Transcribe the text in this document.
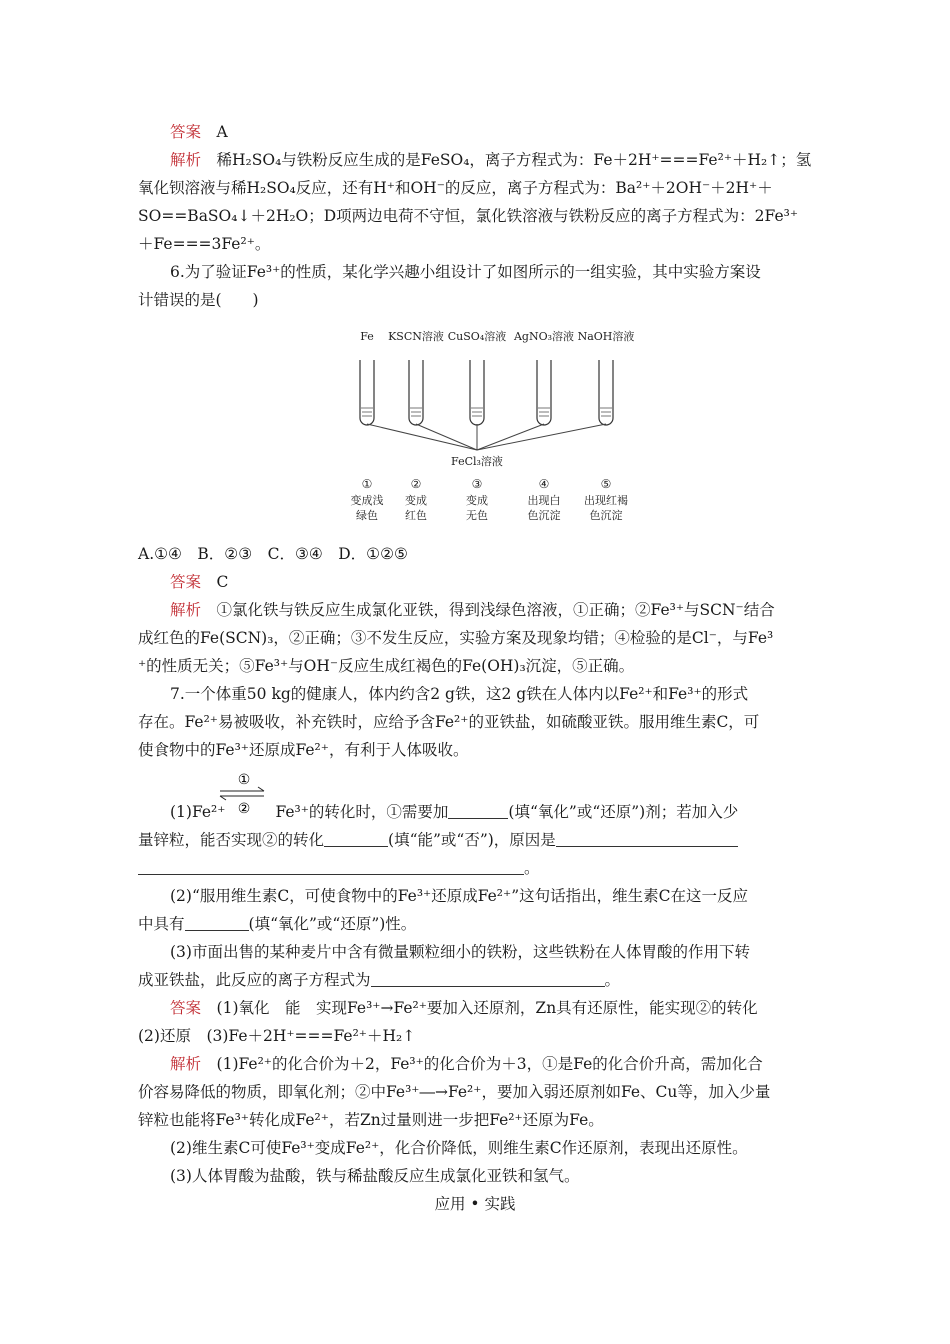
答案　 A
解析　 稀H₂SO₄与铁粉反应生成的是FeSO₄，离子方程式为：Fe＋2H⁺===Fe²⁺＋H₂↑；氢
氧化钡溶液与稀H₂SO₄反应，还有H⁺和OH⁻的反应，离子方程式为：Ba²⁺＋2OH⁻＋2H⁺＋
SO==BaSO₄↓＋2H₂O；D项两边电荷不守恒，氯化铁溶液与铁粉反应的离子方程式为：2Fe³⁺
＋Fe===3Fe²⁺。
6.为了验证Fe³⁺的性质，某化学兴趣小组设计了如图所示的一组实验，其中实验方案设
计错误的是(　　)
Fe KSCN溶液 CuSO₄溶液 AgNO₃溶液 NaOH溶液
FeCl₃溶液
①
变成浅
绿色
②
变成
红色
③
变成
无色
④
出现白
色沉淀
⑤
出现红褐
色沉淀
A.①④　B．②③　C．③④　D．①②⑤
答案　 C
解析　 ①氯化铁与铁反应生成氯化亚铁，得到浅绿色溶液，①正确；②Fe³⁺与SCN⁻结合
成红色的Fe(SCN)₃，②正确；③不发生反应，实验方案及现象均错；④检验的是Cl⁻，与Fe³
⁺的性质无关；⑤Fe³⁺与OH⁻反应生成红褐色的Fe(OH)₃沉淀，⑤正确。
7.一个体重50 kg的健康人，体内约含2 g铁，这2 g铁在人体内以Fe²⁺和Fe³⁺的形式
存在。Fe²⁺易被吸收，补充铁时，应给予含Fe²⁺的亚铁盐，如硫酸亚铁。服用维生素C，可
使食物中的Fe³⁺还原成Fe²⁺，有利于人体吸收。
①
②
(1)Fe²⁺	Fe³⁺的转化时，①需要加	(填“氧化”或“还原”)剂；若加入少
量锌粒，能否实现②的转化	(填“能”或“否”)，原因是
。
(2)“服用维生素C，可使食物中的Fe³⁺还原成Fe²⁺”这句话指出，维生素C在这一反应
中具有	(填“氧化”或“还原”)性。
(3)市面出售的某种麦片中含有微量颗粒细小的铁粉，这些铁粉在人体胃酸的作用下转
成亚铁盐，此反应的离子方程式为	。
答案　 (1)氧化　能　实现Fe³⁺→Fe²⁺要加入还原剂，Zn具有还原性，能实现②的转化
(2)还原　(3)Fe＋2H⁺===Fe²⁺＋H₂↑
解析　 (1)Fe²⁺的化合价为＋2，Fe³⁺的化合价为＋3，①是Fe的化合价升高，需加化合
价容易降低的物质，即氧化剂；②中Fe³⁺―→Fe²⁺，要加入弱还原剂如Fe、Cu等，加入少量
锌粒也能将Fe³⁺转化成Fe²⁺，若Zn过量则进一步把Fe²⁺还原为Fe。
(2)维生素C可使Fe³⁺变成Fe²⁺，化合价降低，则维生素C作还原剂，表现出还原性。
(3)人体胃酸为盐酸，铁与稀盐酸反应生成氯化亚铁和氢气。
应用 • 实践
